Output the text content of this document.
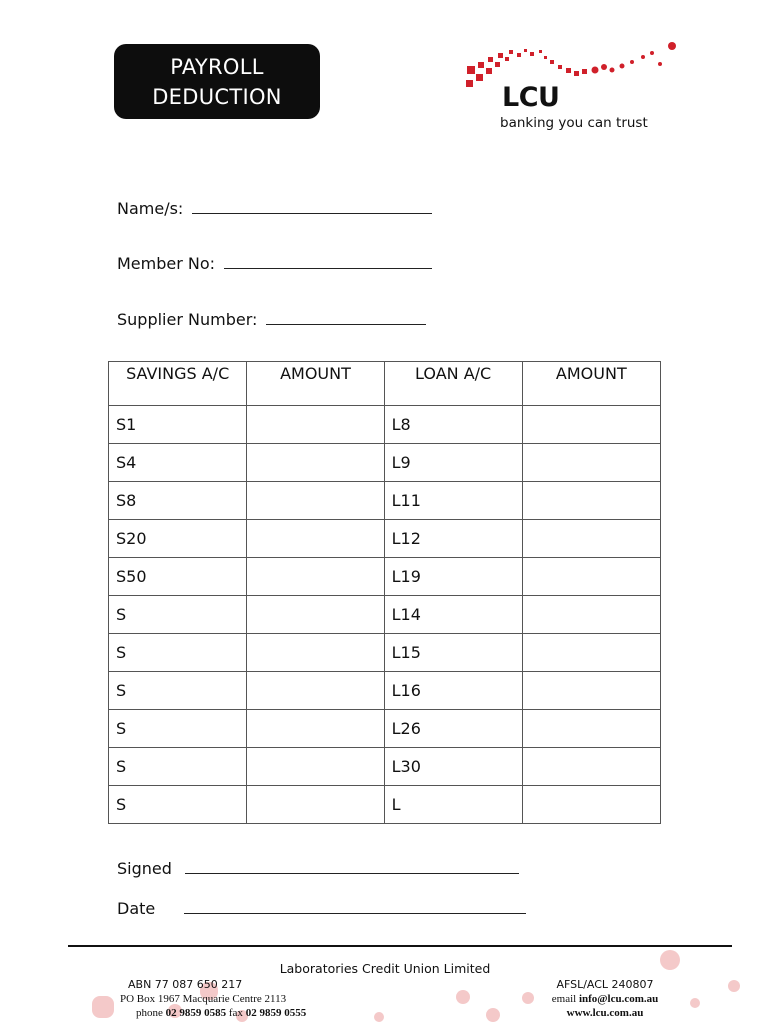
PAYROLL
DEDUCTION	LCU
banking you can trust
Name/s:
Member No:
Supplier Number:
SAVINGS A/C	AMOUNT	LOAN A/C	AMOUNT
S1		L8	
S4		L9	
S8		L11	
S20		L12	
S50		L19	
S		L14	
S		L15	
S		L16	
S		L26	
S		L30	
S		L	
Signed
Date
Laboratories Credit Union Limited
ABN 77 087 650 217
PO Box 1967 Macquarie Centre 2113
phone 02 9859 0585 fax 02 9859 0555
AFSL/ACL 240807
email info@lcu.com.au
www.lcu.com.au
